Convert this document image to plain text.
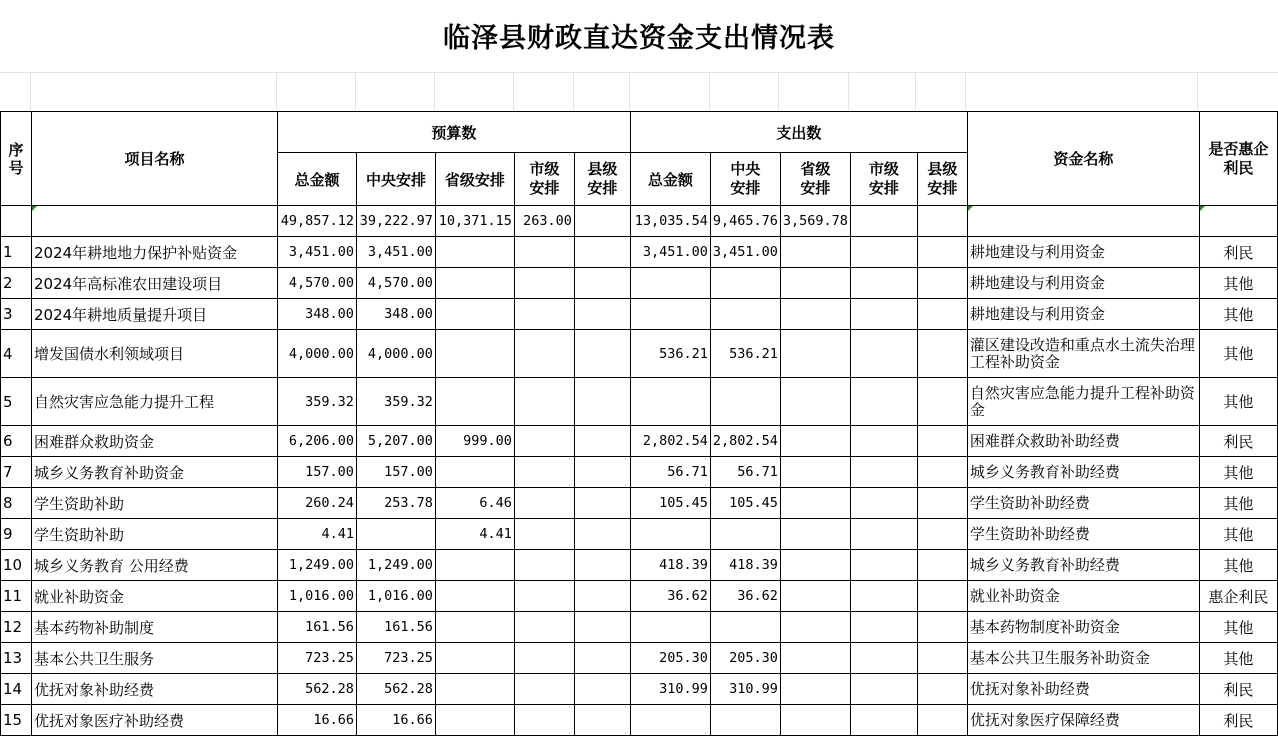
临泽县财政直达资金支出情况表
序号	项目名称	预算数					支出数					资金名称	是否惠企利民
		总金额	中央安排	省级安排	市级安排	县级安排	总金额	中央安排	省级安排	市级安排	县级安排		
		49,857.12	39,222.97	10,371.15	263.00		13,035.54	9,465.76	3,569.78				
1	2024年耕地地力保护补贴资金	3,451.00	3,451.00				3,451.00	3,451.00				耕地建设与利用资金	利民
2	2024年高标准农田建设项目	4,570.00	4,570.00									耕地建设与利用资金	其他
3	2024年耕地质量提升项目	348.00	348.00									耕地建设与利用资金	其他
4	增发国债水利领域项目	4,000.00	4,000.00				536.21	536.21				灌区建设改造和重点水土流失治理工程补助资金	其他
5	自然灾害应急能力提升工程	359.32	359.32									自然灾害应急能力提升工程补助资金	其他
6	困难群众救助资金	6,206.00	5,207.00	999.00			2,802.54	2,802.54				困难群众救助补助经费	利民
7	城乡义务教育补助资金	157.00	157.00				56.71	56.71				城乡义务教育补助经费	其他
8	学生资助补助	260.24	253.78	6.46			105.45	105.45				学生资助补助经费	其他
9	学生资助补助	4.41		4.41								学生资助补助经费	其他
10	城乡义务教育 公用经费	1,249.00	1,249.00				418.39	418.39				城乡义务教育补助经费	其他
11	就业补助资金	1,016.00	1,016.00				36.62	36.62				就业补助资金	惠企利民
12	基本药物补助制度	161.56	161.56									基本药物制度补助资金	其他
13	基本公共卫生服务	723.25	723.25				205.30	205.30				基本公共卫生服务补助资金	其他
14	优抚对象补助经费	562.28	562.28				310.99	310.99				优抚对象补助经费	利民
15	优抚对象医疗补助经费	16.66	16.66									优抚对象医疗保障经费	利民
